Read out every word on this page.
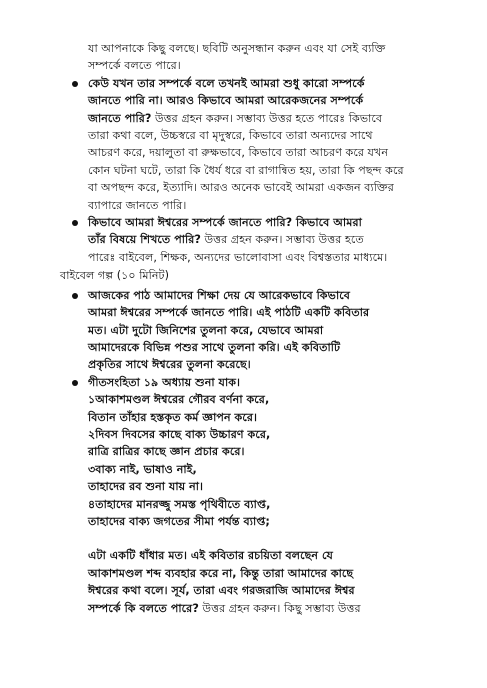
যা আপনাকে কিছু বলছে। ছবিটি অনুসন্ধান করুন এবং যা সেই ব্যক্তি
সম্পর্কে বলতে পারে।
কেউ যখন তার সম্পর্কে বলে তখনই আমরা শুধু কারো সম্পর্কে
জানতে পারি না। আরও কিভাবে আমরা আরেকজনের সম্পর্কে
জানতে পারি? উত্তর গ্রহন করুন। সম্ভাব্য উত্তর হতে পারেঃ কিভাবে
তারা কথা বলে, উচ্চস্বরে বা মৃদুস্বরে, কিভাবে তারা অন্যদের সাথে
আচরণ করে, দয়ালুতা বা রুক্ষভাবে, কিভাবে তারা আচরণ করে যখন
কোন ঘটনা ঘটে, তারা কি ধৈর্য ধরে বা রাগান্বিত হয়, তারা কি পছন্দ করে
বা অপছন্দ করে, ইত্যাদি। আরও অনেক ভাবেই আমরা একজন ব্যক্তির
ব্যাপারে জানতে পারি।
কিভাবে আমরা ঈশ্বরের সম্পর্কে জানতে পারি? কিভাবে আমরা
তাঁর বিষয়ে শিখতে পারি? উত্তর গ্রহন করুন। সম্ভাব্য উত্তর হতে
পারেঃ বাইবেল, শিক্ষক, অন্যদের ভালোবাসা এবং বিশ্বস্ততার মাধ্যমে।
বাইবেল গল্প (১০ মিনিট)
আজকের পাঠ আমাদের শিক্ষা দেয় যে আরেকভাবে কিভাবে
আমরা ঈশ্বরের সম্পর্কে জানতে পারি। এই পাঠটি একটি কবিতার
মত। এটা দুটো জিনিশের তুলনা করে, যেভাবে আমরা
আমাদেরকে বিভিন্ন পশুর সাথে তুলনা করি। এই কবিতাটি
প্রকৃতির সাথে ঈশ্বরের তুলনা করেছে।
গীতসংহিতা ১৯ অধ্যায় শুনা যাক।
১আকাশমণ্ডল ঈশ্বরের গৌরব বর্ণনা করে,
বিতান তাঁহার হস্তকৃত কর্ম জ্ঞাপন করে।
২দিবস দিবসের কাছে বাক্য উচ্চারণ করে,
রাত্রি রাত্রির কাছে জ্ঞান প্রচার করে।
৩বাক্য নাই, ভাষাও নাই,
তাহাদের রব শুনা যায় না।
৪তাহাদের মানরজ্জু সমস্ত পৃথিবীতে ব্যাপ্ত,
তাহাদের বাক্য জগতের সীমা পর্যন্ত ব্যাপ্ত;
এটা একটি ধাঁধার মত। এই কবিতার রচয়িতা বলছেন যে
আকাশমণ্ডল শব্দ ব্যবহার করে না, কিন্তু তারা আমাদের কাছে
ঈশ্বরের কথা বলে। সূর্য, তারা এবং গরজরাজি আমাদের ঈশ্বর
সম্পর্কে কি বলতে পারে? উত্তর গ্রহন করুন। কিছু সম্ভাব্য উত্তর
